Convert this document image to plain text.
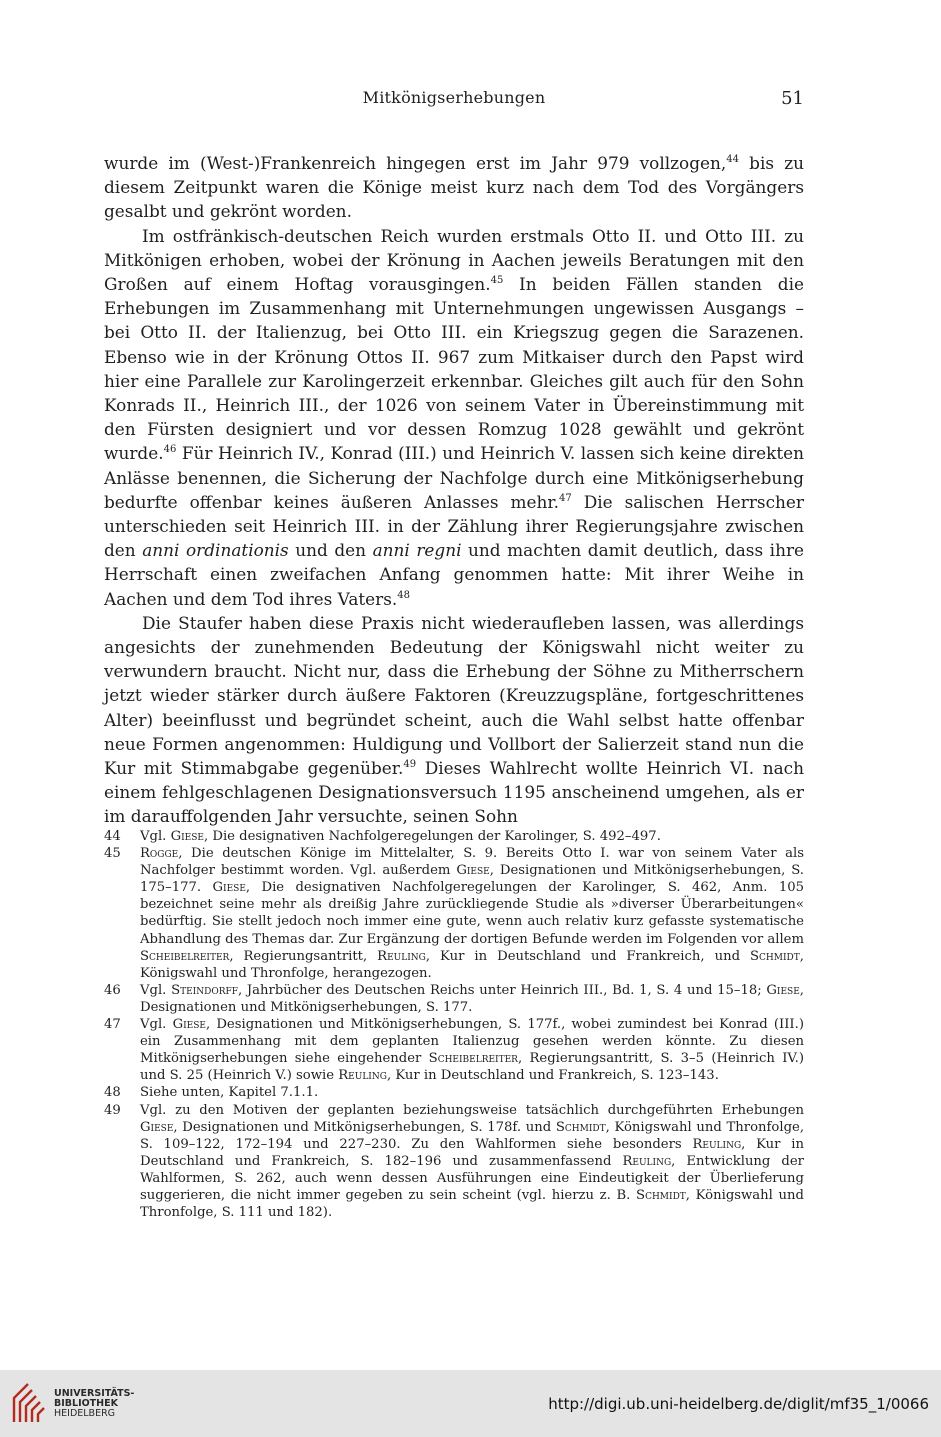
Mitkönigserhebungen	51

wurde im (West-)Frankenreich hingegen erst im Jahr 979 vollzogen,$^{44}$ bis zu diesem Zeitpunkt waren die Könige meist kurz nach dem Tod des Vorgängers gesalbt und gekrönt worden.

Im ostfränkisch-deutschen Reich wurden erstmals Otto II. und Otto III. zu Mitkönigen erhoben, wobei der Krönung in Aachen jeweils Beratungen mit den Großen auf einem Hoftag vorausgingen.$^{45}$ In beiden Fällen standen die Erhebungen im Zusammenhang mit Unternehmungen ungewissen Ausgangs – bei Otto II. der Italienzug, bei Otto III. ein Kriegszug gegen die Sarazenen. Ebenso wie in der Krönung Ottos II. 967 zum Mitkaiser durch den Papst wird hier eine Parallele zur Karolingerzeit erkennbar. Gleiches gilt auch für den Sohn Konrads II., Heinrich III., der 1026 von seinem Vater in Übereinstimmung mit den Fürsten designiert und vor dessen Romzug 1028 gewählt und gekrönt wurde.$^{46}$ Für Heinrich IV., Konrad (III.) und Heinrich V. lassen sich keine direkten Anlässe benennen, die Sicherung der Nachfolge durch eine Mitkönigserhebung bedurfte offenbar keines äußeren Anlasses mehr.$^{47}$ Die salischen Herrscher unterschieden seit Heinrich III. in der Zählung ihrer Regierungsjahre zwischen den anni ordinationis und den anni regni und machten damit deutlich, dass ihre Herrschaft einen zweifachen Anfang genommen hatte: Mit ihrer Weihe in Aachen und dem Tod ihres Vaters.$^{48}$

Die Staufer haben diese Praxis nicht wiederaufleben lassen, was allerdings angesichts der zunehmenden Bedeutung der Königswahl nicht weiter zu verwundern braucht. Nicht nur, dass die Erhebung der Söhne zu Mitherrschern jetzt wieder stärker durch äußere Faktoren (Kreuzzugspläne, fortgeschrittenes Alter) beeinflusst und begründet scheint, auch die Wahl selbst hatte offenbar neue Formen angenommen: Huldigung und Vollbort der Salierzeit stand nun die Kur mit Stimmabgabe gegenüber.$^{49}$ Dieses Wahlrecht wollte Heinrich VI. nach einem fehlgeschlagenen Designationsversuch 1195 anscheinend umgehen, als er im darauffolgenden Jahr versuchte, seinen Sohn

44 Vgl. Giese, Die designativen Nachfolgeregelungen der Karolinger, S. 492–497.

45 Rogge, Die deutschen Könige im Mittelalter, S. 9. Bereits Otto I. war von seinem Vater als Nachfolger bestimmt worden. Vgl. außerdem Giese, Designationen und Mitkönigserhebungen, S. 175–177. Giese, Die designativen Nachfolgeregelungen der Karolinger, S. 462, Anm. 105 bezeichnet seine mehr als dreißig Jahre zurückliegende Studie als »diverser Überarbeitungen« bedürftig. Sie stellt jedoch noch immer eine gute, wenn auch relativ kurz gefasste systematische Abhandlung des Themas dar. Zur Ergänzung der dortigen Befunde werden im Folgenden vor allem Scheibelreiter, Regierungsantritt, Reuling, Kur in Deutschland und Frankreich, und Schmidt, Königswahl und Thronfolge, herangezogen.

46 Vgl. Steindorff, Jahrbücher des Deutschen Reichs unter Heinrich III., Bd. 1, S. 4 und 15–18; Giese, Designationen und Mitkönigserhebungen, S. 177.

47 Vgl. Giese, Designationen und Mitkönigserhebungen, S. 177f., wobei zumindest bei Konrad (III.) ein Zusammenhang mit dem geplanten Italienzug gesehen werden könnte. Zu diesen Mitkönigserhebungen siehe eingehender Scheibelreiter, Regierungsantritt, S. 3–5 (Heinrich IV.) und S. 25 (Heinrich V.) sowie Reuling, Kur in Deutschland und Frankreich, S. 123–143.

48 Siehe unten, Kapitel 7.1.1.

49 Vgl. zu den Motiven der geplanten beziehungsweise tatsächlich durchgeführten Erhebungen Giese, Designationen und Mitkönigserhebungen, S. 178f. und Schmidt, Königswahl und Thronfolge, S. 109–122, 172–194 und 227–230. Zu den Wahlformen siehe besonders Reuling, Kur in Deutschland und Frankreich, S. 182–196 und zusammenfassend Reuling, Entwicklung der Wahlformen, S. 262, auch wenn dessen Ausführungen eine Eindeutigkeit der Überlieferung suggerieren, die nicht immer gegeben zu sein scheint (vgl. hierzu z. B. Schmidt, Königswahl und Thronfolge, S. 111 und 182).

UNIVERSITÄTS-
BIBLIOTHEK
HEIDELBERG
http://digi.ub.uni-heidelberg.de/diglit/mf35_1/0066
